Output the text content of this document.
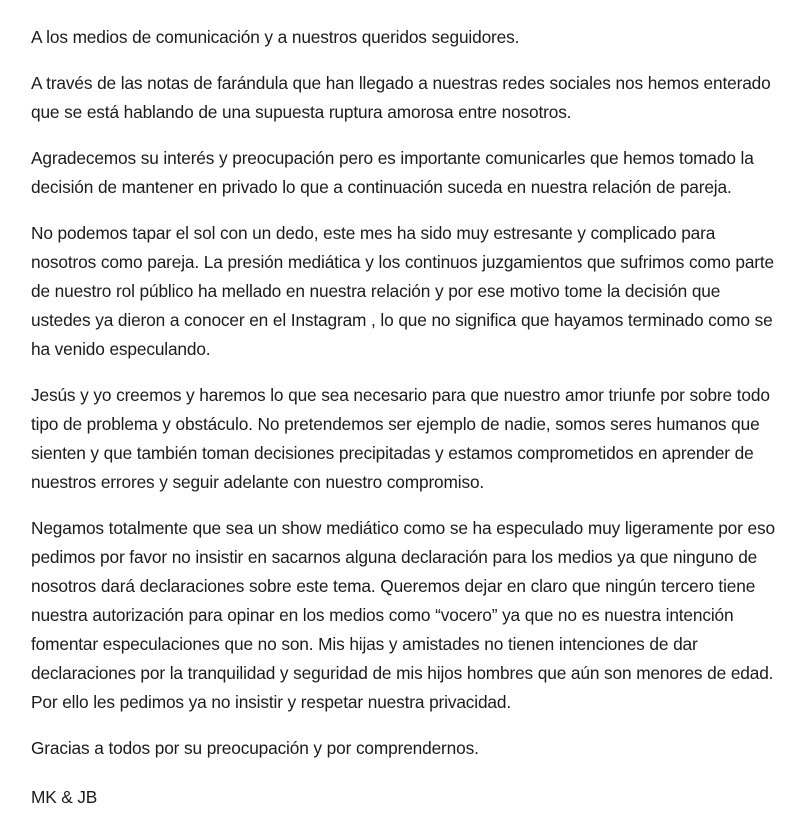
A los medios de comunicación y a nuestros queridos seguidores.

A través de las notas de farándula que han llegado a nuestras redes sociales nos hemos enterado que se está hablando de una supuesta ruptura amorosa entre nosotros.

Agradecemos su interés y preocupación pero es importante comunicarles que hemos tomado la decisión de mantener en privado lo que a continuación suceda en nuestra relación de pareja.

No podemos tapar el sol con un dedo, este mes ha sido muy estresante y complicado para nosotros como pareja. La presión mediática y los continuos juzgamientos que sufrimos como parte de nuestro rol público ha mellado en nuestra relación y por ese motivo tome la decisión que ustedes ya dieron a conocer en el Instagram , lo que no significa que hayamos terminado como se ha venido especulando.

Jesús y yo creemos y haremos lo que sea necesario para que nuestro amor triunfe por sobre todo tipo de problema y obstáculo. No pretendemos ser ejemplo de nadie, somos seres humanos que sienten y que también toman decisiones precipitadas y estamos comprometidos en aprender de nuestros errores y seguir adelante con nuestro compromiso.

Negamos totalmente que sea un show mediático como se ha especulado muy ligeramente por eso  pedimos por favor no insistir en sacarnos alguna declaración para los medios ya que ninguno de nosotros dará declaraciones sobre este tema. Queremos dejar en claro que ningún tercero tiene nuestra autorización para opinar en los medios como “vocero” ya que no es nuestra intención fomentar especulaciones que no son. Mis hijas y amistades no tienen intenciones de dar declaraciones por la tranquilidad y seguridad de mis hijos hombres que aún son menores de edad. Por ello les pedimos ya no insistir y respetar nuestra privacidad.

Gracias a todos por su preocupación y por comprendernos.

MK & JB
